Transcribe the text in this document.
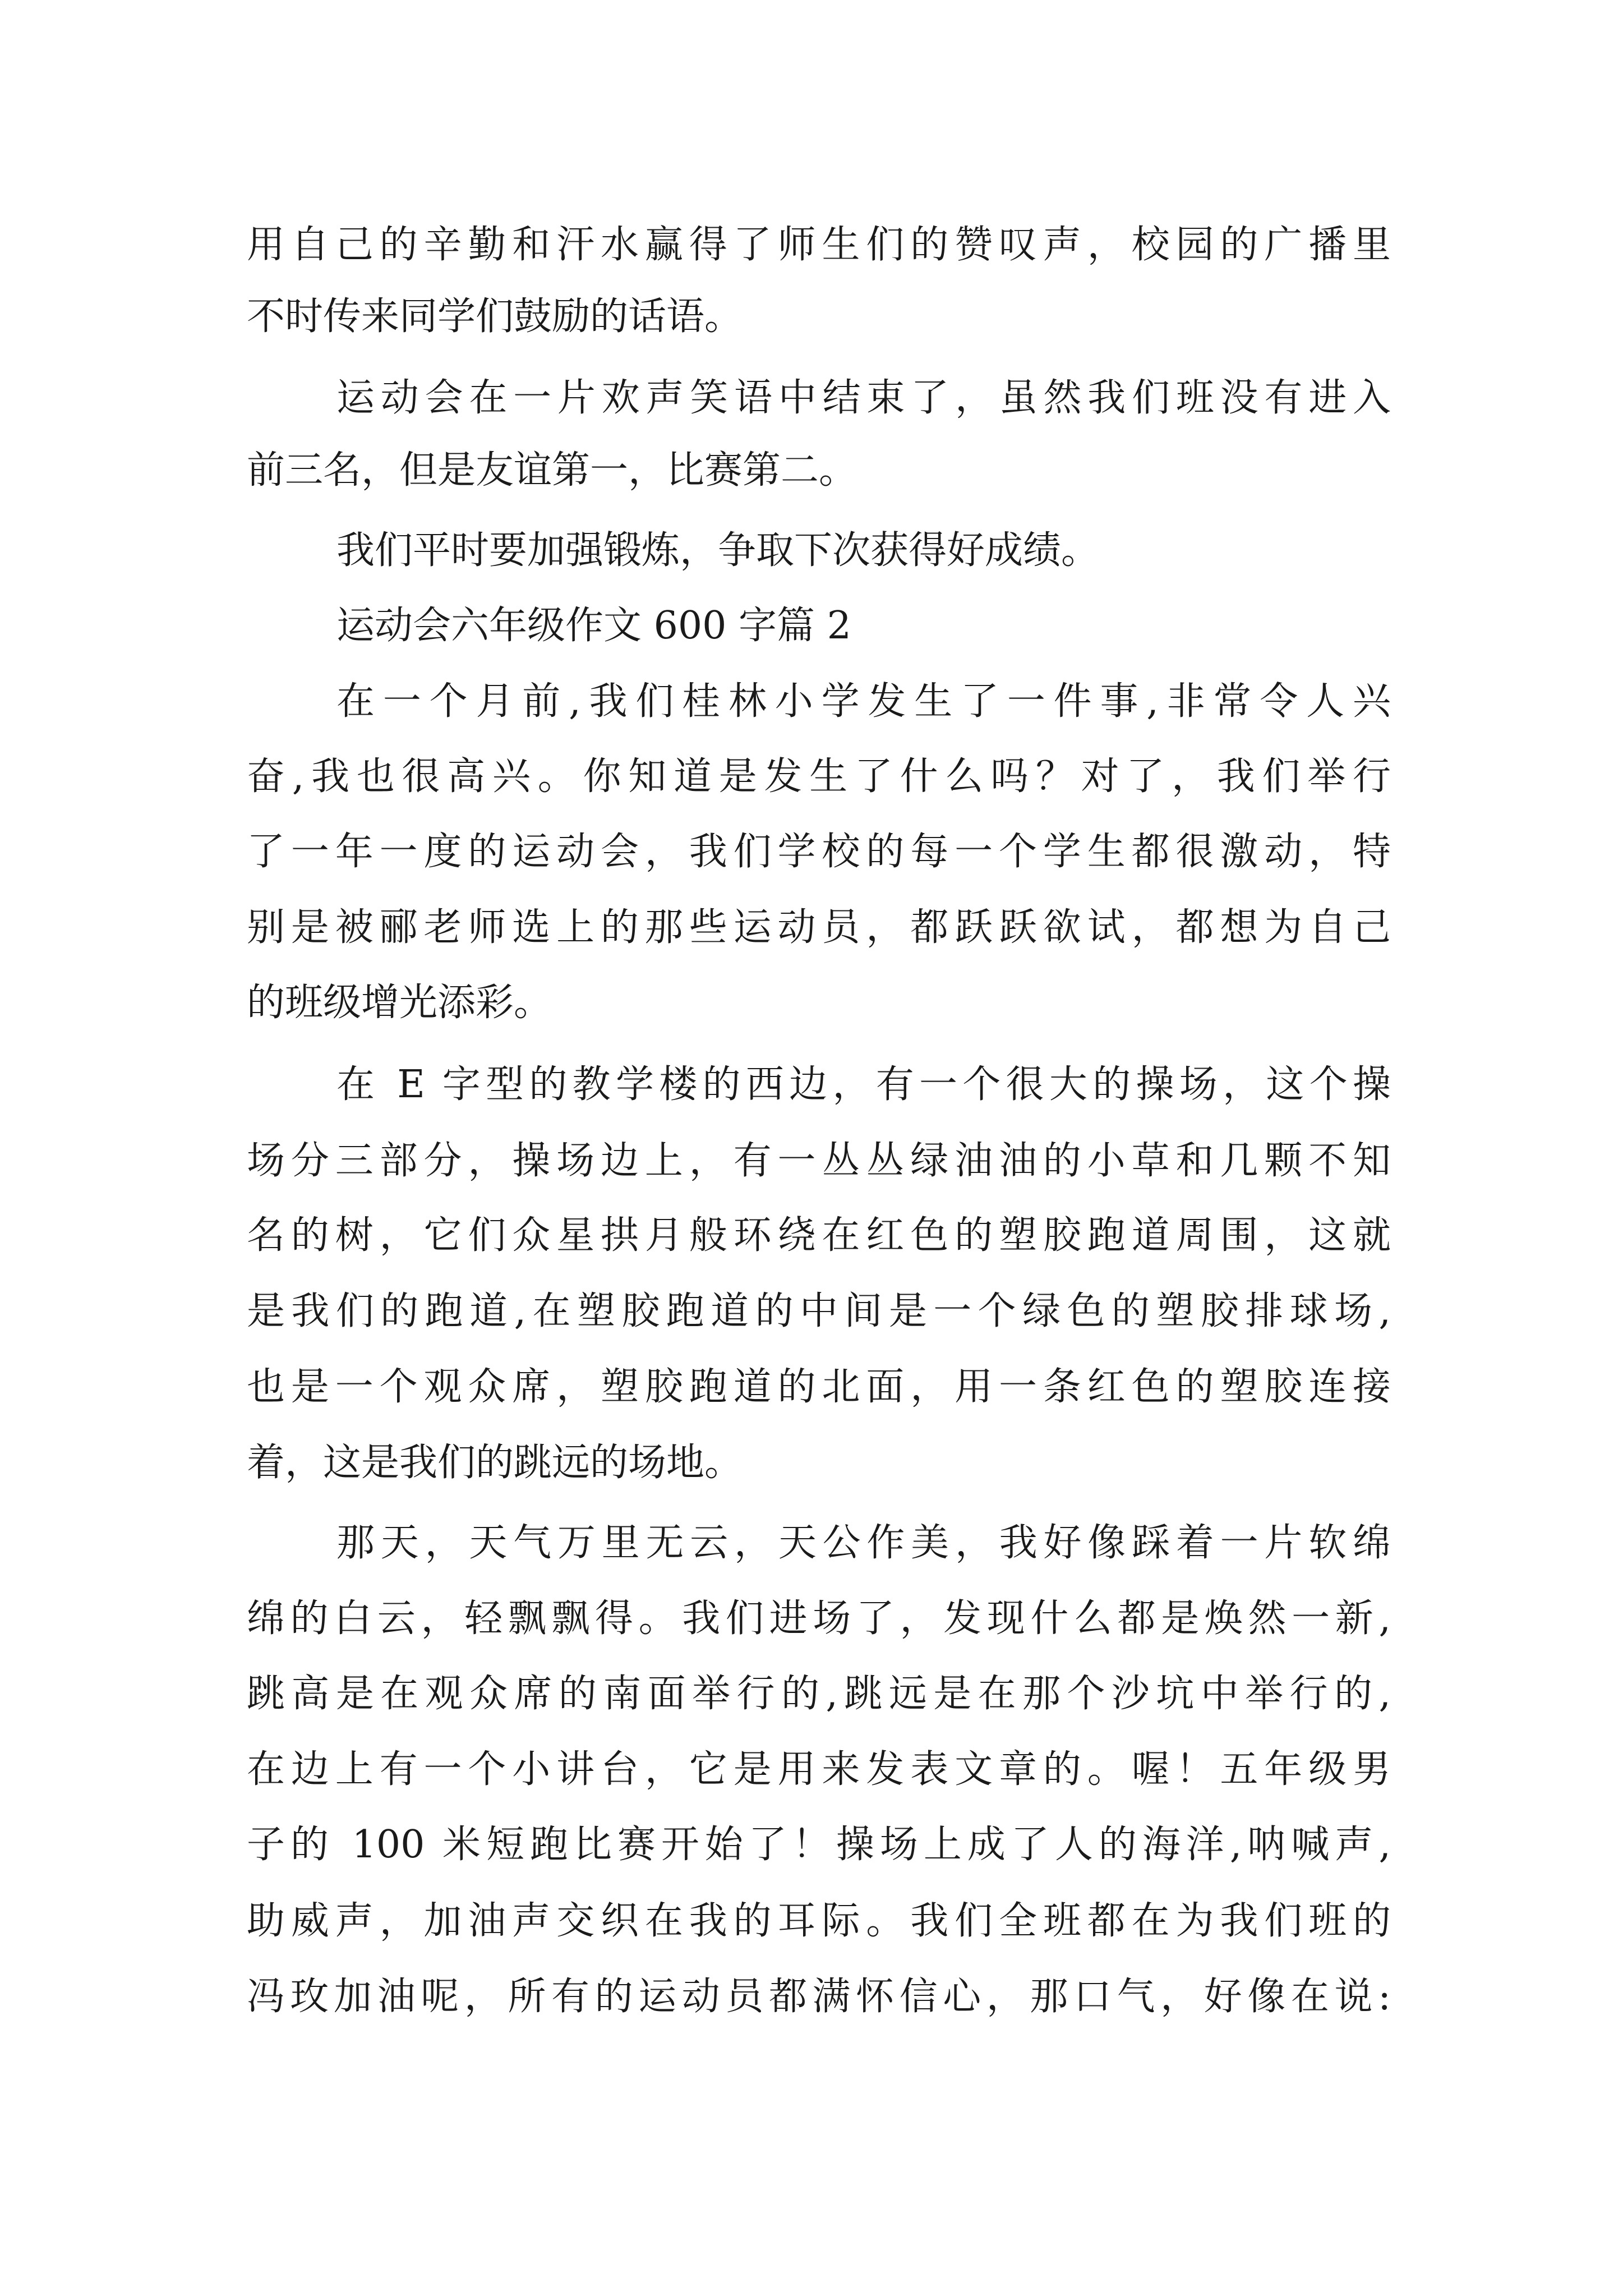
用自己的辛勤和汗水赢得了师生们的赞叹声，校园的广播里
不时传来同学们鼓励的话语。
运动会在一片欢声笑语中结束了，虽然我们班没有进入
前三名，但是友谊第一，比赛第二。
我们平时要加强锻炼，争取下次获得好成绩。
运动会六年级作文 600 字篇 2
在一个月前,我们桂林小学发生了一件事,非常令人兴
奋,我也很高兴。你知道是发生了什么吗？对了，我们举行
了一年一度的运动会，我们学校的每一个学生都很激动，特
别是被郦老师选上的那些运动员，都跃跃欲试，都想为自己
的班级增光添彩。
在 E 字型的教学楼的西边，有一个很大的操场，这个操
场分三部分，操场边上，有一丛丛绿油油的小草和几颗不知
名的树，它们众星拱月般环绕在红色的塑胶跑道周围，这就
是我们的跑道,在塑胶跑道的中间是一个绿色的塑胶排球场,
也是一个观众席，塑胶跑道的北面，用一条红色的塑胶连接
着，这是我们的跳远的场地。
那天，天气万里无云，天公作美，我好像踩着一片软绵
绵的白云，轻飘飘得。我们进场了，发现什么都是焕然一新,
跳高是在观众席的南面举行的,跳远是在那个沙坑中举行的,
在边上有一个小讲台，它是用来发表文章的。喔！五年级男
子的 100 米短跑比赛开始了！操场上成了人的海洋,呐喊声,
助威声，加油声交织在我的耳际。我们全班都在为我们班的
冯玫加油呢，所有的运动员都满怀信心，那口气，好像在说:
